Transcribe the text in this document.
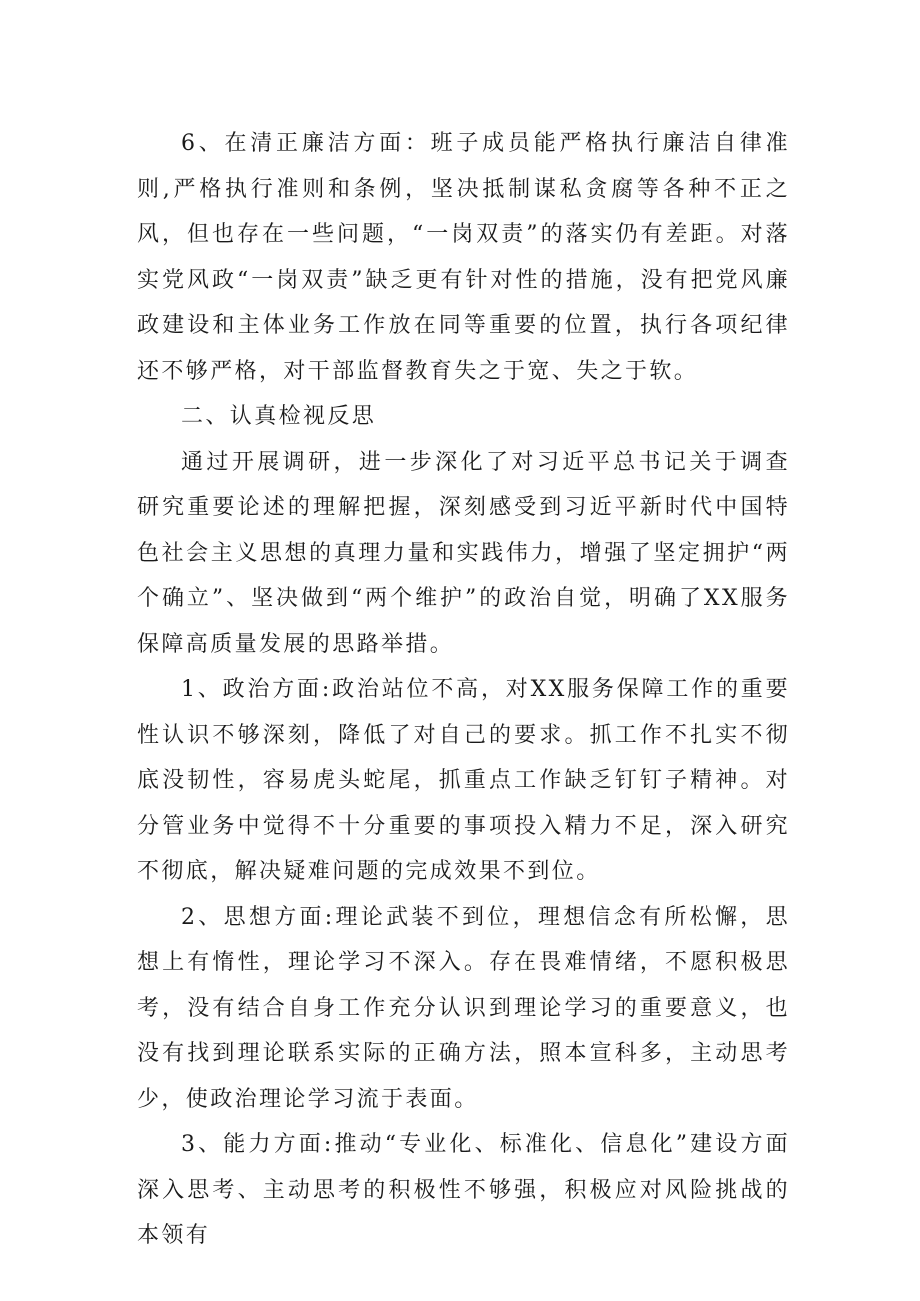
6、在清正廉洁方面：班子成员能严格执行廉洁自律准则,严格执行准则和条例，坚决抵制谋私贪腐等各种不正之风，但也存在一些问题，“一岗双责”的落实仍有差距。对落实党风政“一岗双责”缺乏更有针对性的措施，没有把党风廉政建设和主体业务工作放在同等重要的位置，执行各项纪律还不够严格，对干部监督教育失之于宽、失之于软。

二、认真检视反思

通过开展调研，进一步深化了对习近平总书记关于调查研究重要论述的理解把握，深刻感受到习近平新时代中国特色社会主义思想的真理力量和实践伟力，增强了坚定拥护“两个确立”、坚决做到“两个维护”的政治自觉，明确了XX服务保障高质量发展的思路举措。

1、政治方面:政治站位不高，对XX服务保障工作的重要性认识不够深刻，降低了对自己的要求。抓工作不扎实不彻底没韧性，容易虎头蛇尾，抓重点工作缺乏钉钉子精神。对分管业务中觉得不十分重要的事项投入精力不足，深入研究不彻底，解决疑难问题的完成效果不到位。

2、思想方面:理论武装不到位，理想信念有所松懈，思想上有惰性，理论学习不深入。存在畏难情绪，不愿积极思考，没有结合自身工作充分认识到理论学习的重要意义，也没有找到理论联系实际的正确方法，照本宣科多，主动思考少，使政治理论学习流于表面。

3、能力方面:推动“专业化、标准化、信息化”建设方面深入思考、主动思考的积极性不够强，积极应对风险挑战的本领有
